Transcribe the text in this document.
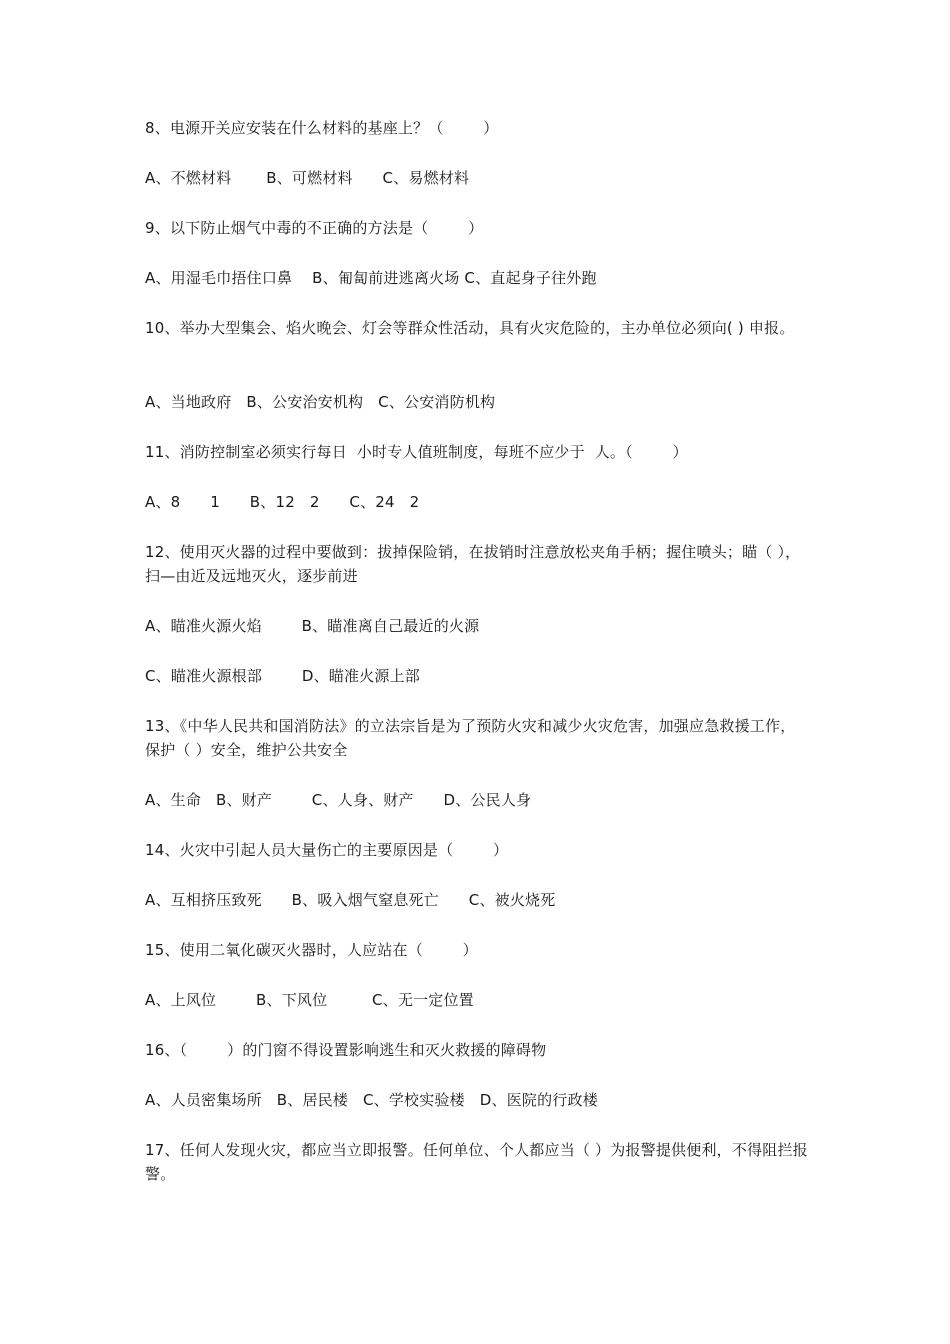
8、电源开关应安装在什么材料的基座上？（        ）

A、不燃材料       B、可燃材料      C、易燃材料

9、以下防止烟气中毒的不正确的方法是（        ）

A、用湿毛巾捂住口鼻    B、匍匐前进逃离火场 C、直起身子往外跑

10、举办大型集会、焰火晚会、灯会等群众性活动，具有火灾危险的，主办单位必须向( ) 申报。

A、当地政府   B、公安治安机构   C、公安消防机构

11、消防控制室必须实行每日  小时专人值班制度，每班不应少于  人。（        ）

A、8      1      B、12   2      C、24   2

12、使用灭火器的过程中要做到：拔掉保险销，在拔销时注意放松夹角手柄；握住喷头；瞄（ ），扫—由近及远地灭火，逐步前进

A、瞄准火源火焰        B、瞄准离自己最近的火源

C、瞄准火源根部        D、瞄准火源上部

13、《中华人民共和国消防法》的立法宗旨是为了预防火灾和减少火灾危害，加强应急救援工作，保护（ ）安全，维护公共安全

A、生命   B、财产        C、人身、财产      D、公民人身

14、火灾中引起人员大量伤亡的主要原因是（        ）

A、互相挤压致死      B、吸入烟气窒息死亡      C、被火烧死

15、使用二氧化碳灭火器时，人应站在（        ）

A、上风位        B、下风位         C、无一定位置

16、（        ）的门窗不得设置影响逃生和灭火救援的障碍物

A、人员密集场所   B、居民楼   C、学校实验楼   D、医院的行政楼

17、任何人发现火灾，都应当立即报警。任何单位、个人都应当（ ）为报警提供便利，不得阻拦报警。
